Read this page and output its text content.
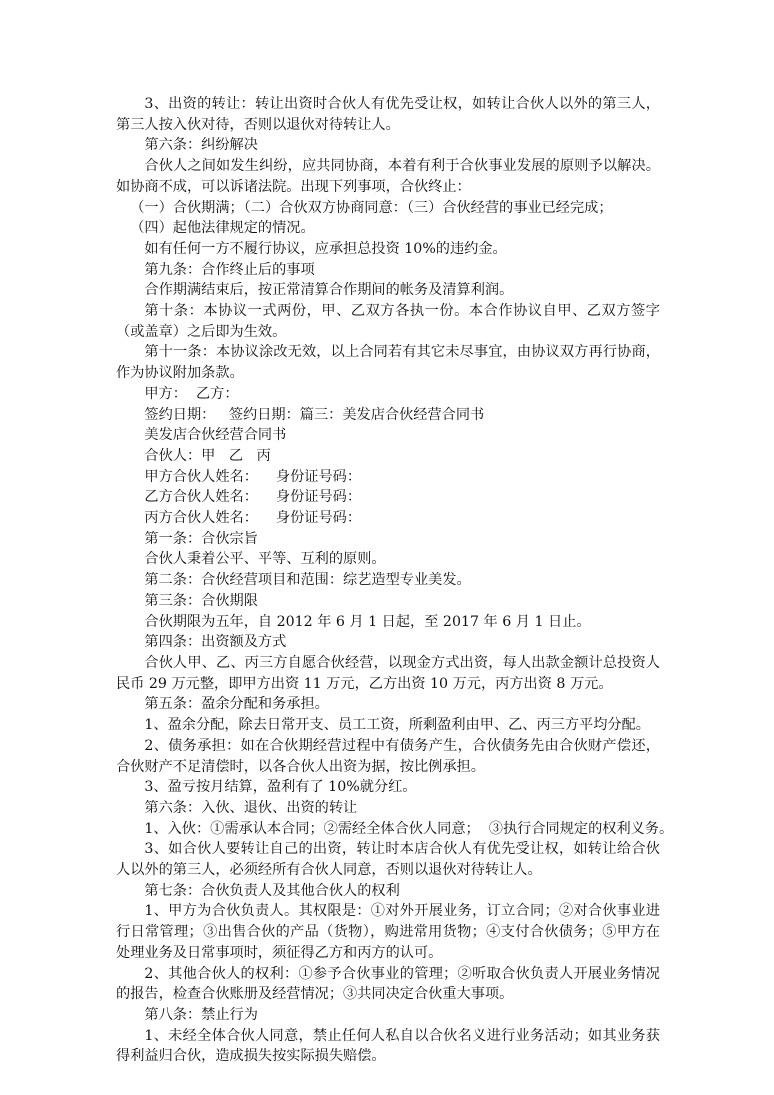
3、出资的转让：转让出资时合伙人有优先受让权，如转让合伙人以外的第三人，第三人按入伙对待，否则以退伙对待转让人。

第六条：纠纷解决

合伙人之间如发生纠纷，应共同协商，本着有利于合伙事业发展的原则予以解决。如协商不成，可以诉诸法院。出现下列事项，合伙终止：

（一）合伙期满；（二）合伙双方协商同意：（三）合伙经营的事业已经完成；

（四）起他法律规定的情况。

如有任何一方不履行协议，应承担总投资 10%的违约金。

第九条：合作终止后的事项

合作期满结束后，按正常清算合作期间的帐务及清算利润。

第十条：本协议一式两份，甲、乙双方各执一份。本合作协议自甲、乙双方签字（或盖章）之后即为生效。

第十一条：本协议涂改无效，以上合同若有其它未尽事宜，由协议双方再行协商，作为协议附加条款。

甲方：  乙方：

签约日期：   签约日期：篇三：美发店合伙经营合同书

美发店合伙经营合同书

合伙人：甲   乙   丙

甲方合伙人姓名：    身份证号码：

乙方合伙人姓名：    身份证号码：

丙方合伙人姓名：    身份证号码：

第一条：合伙宗旨

合伙人秉着公平、平等、互利的原则。

第二条：合伙经营项目和范围：综艺造型专业美发。

第三条：合伙期限

合伙期限为五年，自 2012 年 6 月 1 日起，至 2017 年 6 月 1 日止。

第四条：出资额及方式

合伙人甲、乙、丙三方自愿合伙经营，以现金方式出资，每人出款金额计总投资人民币 29 万元整，即甲方出资 11 万元，乙方出资 10 万元，丙方出资 8 万元。

第五条：盈余分配和务承担。

1、盈余分配，除去日常开支、员工工资，所剩盈利由甲、乙、丙三方平均分配。

2、债务承担：如在合伙期经营过程中有债务产生，合伙债务先由合伙财产偿还，合伙财产不足清偿时，以各合伙人出资为据，按比例承担。

3、盈亏按月结算，盈利有了 10%就分红。

第六条：入伙、退伙、出资的转让

1、入伙：①需承认本合同；②需经全体合伙人同意；  ③执行合同规定的权利义务。

3、如合伙人要转让自己的出资，转让时本店合伙人有优先受让权，如转让给合伙人以外的第三人，必须经所有合伙人同意，否则以退伙对待转让人。

第七条：合伙负责人及其他合伙人的权利

1、甲方为合伙负责人。其权限是：①对外开展业务，订立合同；②对合伙事业进行日常管理；③出售合伙的产品（货物），购进常用货物；④支付合伙债务；⑤甲方在处理业务及日常事项时，须征得乙方和丙方的认可。

2、其他合伙人的权利：①参予合伙事业的管理；②听取合伙负责人开展业务情况的报告，检查合伙账册及经营情况；③共同决定合伙重大事项。

第八条：禁止行为

1、未经全体合伙人同意，禁止任何人私自以合伙名义进行业务活动；如其业务获得利益归合伙，造成损失按实际损失赔偿。
